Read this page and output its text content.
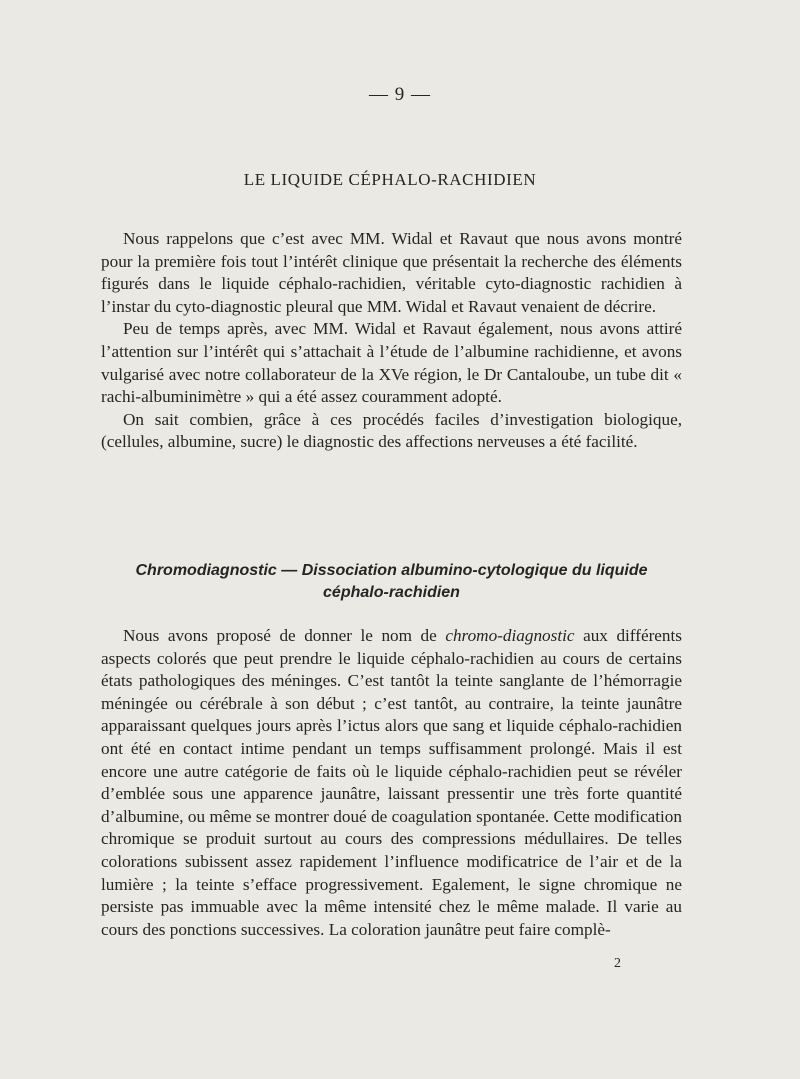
— 9 —
LE LIQUIDE CÉPHALO-RACHIDIEN

Nous rappelons que c’est avec MM. Widal et Ravaut que nous avons montré pour la première fois tout l’intérêt clinique que présentait la recherche des éléments figurés dans le liquide céphalo-rachidien, véritable cyto-diagnostic rachidien à l’instar du cyto-diagnostic pleural que MM. Widal et Ravaut venaient de décrire.

Peu de temps après, avec MM. Widal et Ravaut également, nous avons attiré l’attention sur l’intérêt qui s’attachait à l’étude de l’albumine rachidienne, et avons vulgarisé avec notre collaborateur de la XVe région, le Dr Cantaloube, un tube dit « rachi-albuminimètre » qui a été assez couramment adopté.

On sait combien, grâce à ces procédés faciles d’investigation biologique, (cellules, albumine, sucre) le diagnostic des affections nerveuses a été facilité.

Chromodiagnostic — Dissociation albumino-cytologique du liquide
céphalo-rachidien

Nous avons proposé de donner le nom de chromo-diagnostic aux différents aspects colorés que peut prendre le liquide céphalo-rachidien au cours de certains états pathologiques des méninges. C’est tantôt la teinte sanglante de l’hémorragie méningée ou cérébrale à son début ; c’est tantôt, au contraire, la teinte jaunâtre apparaissant quelques jours après l’ictus alors que sang et liquide céphalo-rachidien ont été en contact intime pendant un temps suffisamment prolongé. Mais il est encore une autre catégorie de faits où le liquide céphalo-rachidien peut se révéler d’emblée sous une apparence jaunâtre, laissant pressentir une très forte quantité d’albumine, ou même se montrer doué de coagulation spontanée. Cette modification chromique se produit surtout au cours des compressions médullaires. De telles colorations subissent assez rapidement l’influence modificatrice de l’air et de la lumière ; la teinte s’efface progressivement. Egalement, le signe chromique ne persiste pas immuable avec la même intensité chez le même malade. Il varie au cours des ponctions successives. La coloration jaunâtre peut faire complè-

2
